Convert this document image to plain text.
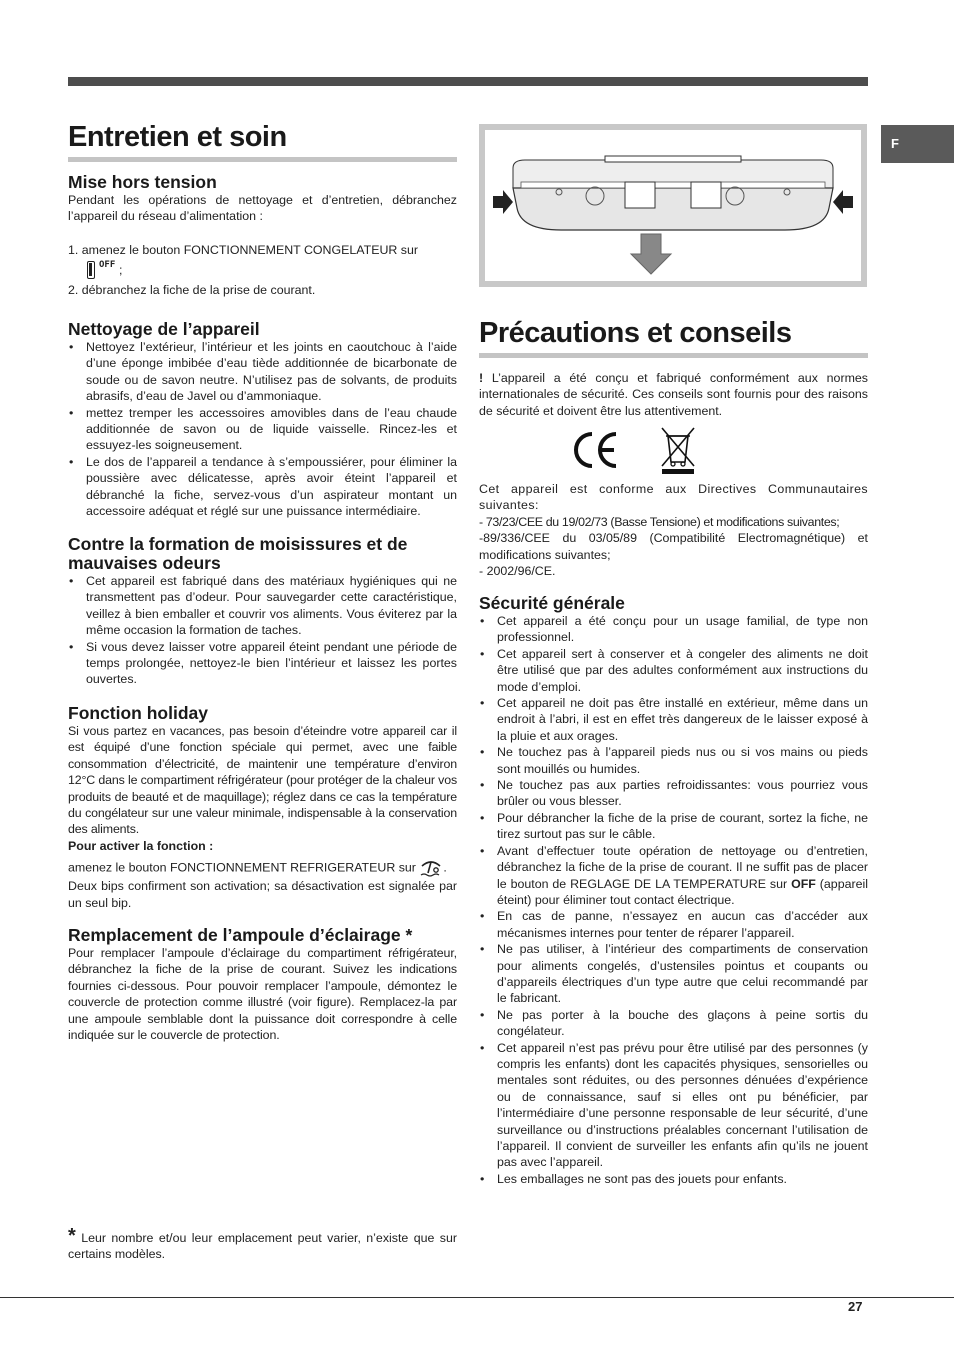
F
Entretien et soin
Mise hors tension

Pendant les opérations de nettoyage et d’entretien, débranchez l’appareil du réseau d’alimentation :

1. amenez le bouton FONCTIONNEMENT CONGELATEUR sur

OFF ;

2. débranchez la fiche de la prise de courant.

Nettoyage de l’appareil
• Nettoyez l’extérieur, l’intérieur et les joints en caoutchouc à l’aide d’une éponge imbibée d’eau tiède additionnée de bicarbonate de soude ou de savon neutre. N’utilisez pas de solvants, de produits abrasifs, d’eau de Javel ou d’ammoniaque.
• mettez tremper les accessoires amovibles dans de l’eau chaude additionnée de savon ou de liquide vaisselle. Rincez-les et essuyez-les soigneusement.
• Le dos de l’appareil a tendance à s’empoussiérer, pour éliminer la poussière avec délicatesse, après avoir éteint l’appareil et débranché la fiche, servez-vous d’un aspirateur montant un accessoire adéquat et réglé sur une puissance intermédiaire.
Contre la formation de moisissures et de mauvaises odeurs
• Cet appareil est fabriqué dans des matériaux hygiéniques qui ne transmettent pas d’odeur. Pour sauvegarder cette caractéristique, veillez à bien emballer et couvrir vos aliments. Vous éviterez par la même occasion la formation de taches.
• Si vous devez laisser votre appareil éteint pendant une période de temps prolongée, nettoyez-le bien l’intérieur et laissez les portes ouvertes.
Fonction holiday

Si vous partez en vacances, pas besoin d’éteindre votre appareil car il est équipé d’une fonction spéciale qui permet, avec une faible consommation d’électricité, de maintenir une température d’environ 12°C dans le compartiment réfrigérateur (pour protéger de la chaleur vos produits de beauté et de maquillage); réglez dans ce cas la température du congélateur sur une valeur minimale, indispensable à la conservation des aliments.

Pour activer la fonction :

amenez le bouton FONCTIONNEMENT REFRIGERATEUR sur .

Deux bips confirment son activation; sa désactivation est signalée par un seul bip.

Remplacement de l’ampoule d’éclairage *

Pour remplacer l’ampoule d’éclairage du compartiment réfrigérateur, débranchez la fiche de la prise de courant. Suivez les indications fournies ci-dessous. Pour pouvoir remplacer l’ampoule, démontez le couvercle de protection comme illustré (voir figure). Remplacez-la par une ampoule semblable dont la puissance doit correspondre à celle indiquée sur le couvercle de protection.

* Leur nombre et/ou leur emplacement peut varier, n’existe que sur certains modèles.

Précautions et conseils

! L’appareil a été conçu et fabriqué conformément aux normes internationales de sécurité. Ces conseils sont fournis pour des raisons de sécurité et doivent être lus attentivement.

Cet appareil est conforme aux Directives Communautaires suivantes:

- 73/23/CEE du 19/02/73 (Basse Tensione) et modifications suivantes;

-89/336/CEE du 03/05/89 (Compatibilité Electromagnétique) et modifications suivantes;

- 2002/96/CE.

Sécurité générale
• Cet appareil a été conçu pour un usage familial, de type non professionnel.
• Cet appareil sert à conserver et à congeler des aliments ne doit être utilisé que par des adultes conformément aux instructions du mode d’emploi.
• Cet appareil ne doit pas être installé en extérieur, même dans un endroit à l’abri, il est en effet très dangereux de le laisser exposé à la pluie et aux orages.
• Ne touchez pas à l’appareil pieds nus ou si vos mains ou pieds sont mouillés ou humides.
• Ne touchez pas aux parties refroidissantes: vous pourriez vous brûler ou vous blesser.
• Pour débrancher la fiche de la prise de courant, sortez la fiche, ne tirez surtout pas sur le câble.
• Avant d’effectuer toute opération de nettoyage ou d’entretien, débranchez la fiche de la prise de courant. Il ne suffit pas de placer le bouton de REGLAGE DE LA TEMPERATURE sur OFF (appareil éteint) pour éliminer tout contact électrique.
• En cas de panne, n’essayez en aucun cas d’accéder aux mécanismes internes pour tenter de réparer l’appareil.
• Ne pas utiliser, à l’intérieur des compartiments de conservation pour aliments congelés, d’ustensiles pointus et coupants ou d’appareils électriques d’un type autre que celui recommandé par le fabricant.
• Ne pas porter à la bouche des glaçons à peine sortis du congélateur.
• Cet appareil n’est pas prévu pour être utilisé par des personnes (y compris les enfants) dont les capacités physiques, sensorielles ou mentales sont réduites, ou des personnes dénuées d’expérience ou de connaissance, sauf si elles ont pu bénéficier, par l’intermédiaire d’une personne responsable de leur sécurité, d’une surveillance ou d’instructions préalables concernant l’utilisation de l’appareil. Il convient de surveiller les enfants afin qu’ils ne jouent pas avec l’appareil.
• Les emballages ne sont pas des jouets pour enfants.
27
